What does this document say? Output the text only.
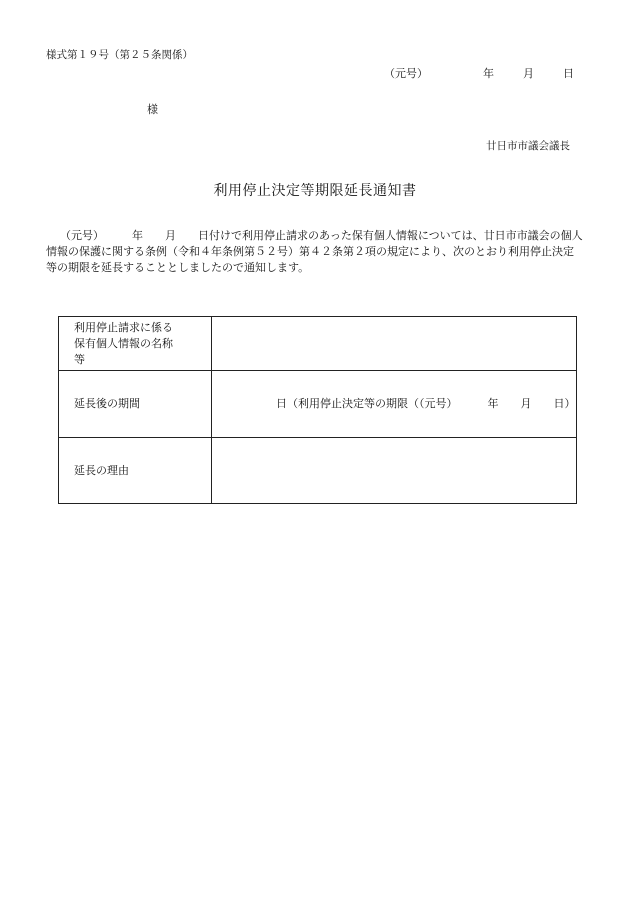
様式第１９号（第２５条関係）
（元号）	年	月	日
様
廿日市市議会議長
利用停止決定等期限延長通知書
（元号）	年 月 日付けで利用停止請求のあった保有個人情報については、廿日市市議会の個人
情報の保護に関する条例（令和４年条例第５２号）第４２条第２項の規定により、次のとおり利用停止決定
等の期限を延長することとしましたので通知します。
利用停止請求に係る
保有個人情報の名称
等	

延長後の期間	日（利用停止決定等の期限（（元号） 年 月 日）

延長の理由	
